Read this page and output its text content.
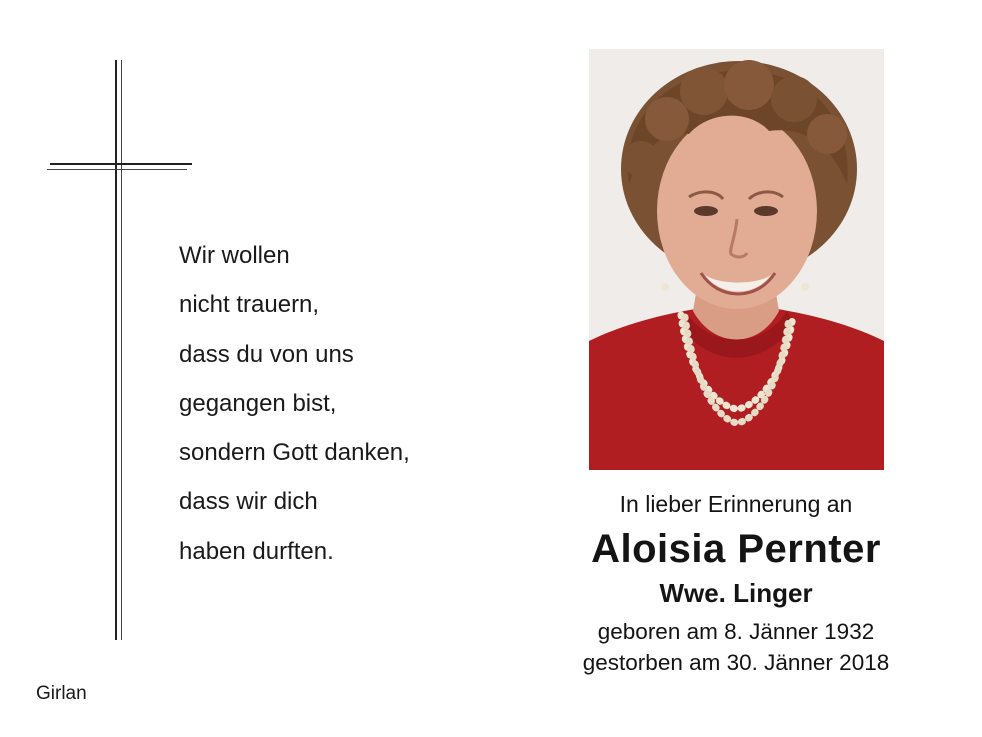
Wir wollen
nicht trauern,
dass du von uns
gegangen bist,
sondern Gott danken,
dass wir dich
haben durften.
Girlan
In lieber Erinnerung an
Aloisia Pernter
Wwe. Linger
geboren am 8. Jänner 1932
gestorben am 30. Jänner 2018
